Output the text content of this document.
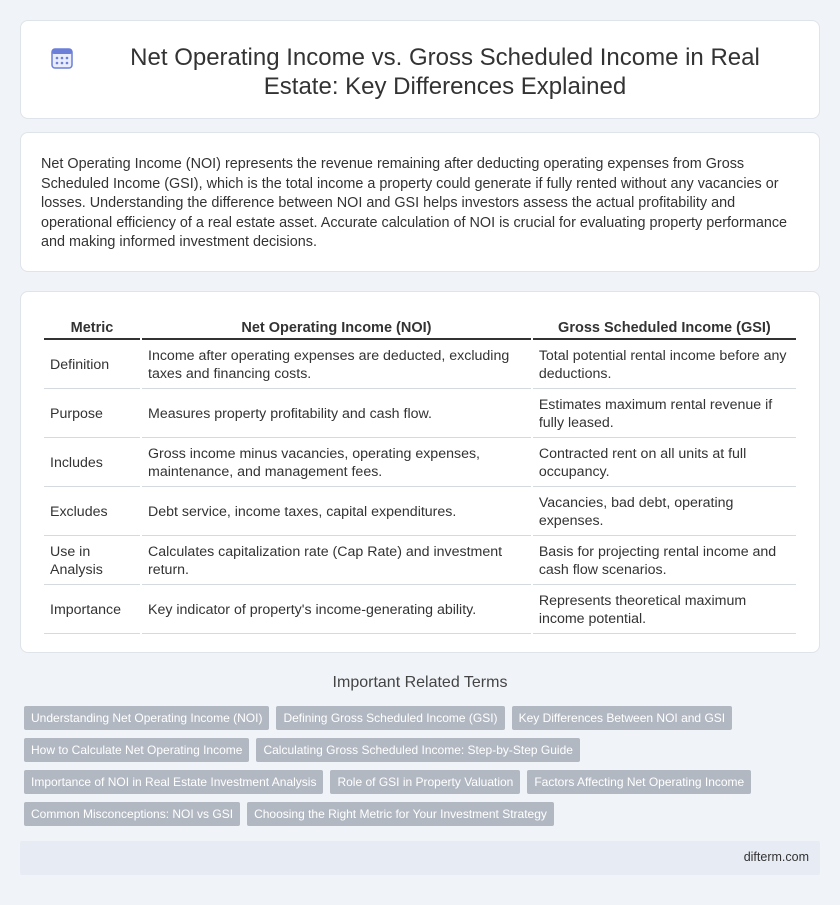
Net Operating Income vs. Gross Scheduled Income in Real Estate: Key Differences Explained

Net Operating Income (NOI) represents the revenue remaining after deducting operating expenses from Gross Scheduled Income (GSI), which is the total income a property could generate if fully rented without any vacancies or losses. Understanding the difference between NOI and GSI helps investors assess the actual profitability and operational efficiency of a real estate asset. Accurate calculation of NOI is crucial for evaluating property performance and making informed investment decisions.

Metric	Net Operating Income (NOI)	Gross Scheduled Income (GSI)
Definition	Income after operating expenses are deducted, excluding taxes and financing costs.	Total potential rental income before any deductions.
Purpose	Measures property profitability and cash flow.	Estimates maximum rental revenue if fully leased.
Includes	Gross income minus vacancies, operating expenses, maintenance, and management fees.	Contracted rent on all units at full occupancy.
Excludes	Debt service, income taxes, capital expenditures.	Vacancies, bad debt, operating expenses.
Use in Analysis	Calculates capitalization rate (Cap Rate) and investment return.	Basis for projecting rental income and cash flow scenarios.
Importance	Key indicator of property's income-generating ability.	Represents theoretical maximum income potential.
Important Related Terms
Understanding Net Operating Income (NOI)	Defining Gross Scheduled Income (GSI)	Key Differences Between NOI and GSI
How to Calculate Net Operating Income	Calculating Gross Scheduled Income: Step-by-Step Guide
Importance of NOI in Real Estate Investment Analysis	Role of GSI in Property Valuation	Factors Affecting Net Operating Income
Common Misconceptions: NOI vs GSI	Choosing the Right Metric for Your Investment Strategy
difterm.com
